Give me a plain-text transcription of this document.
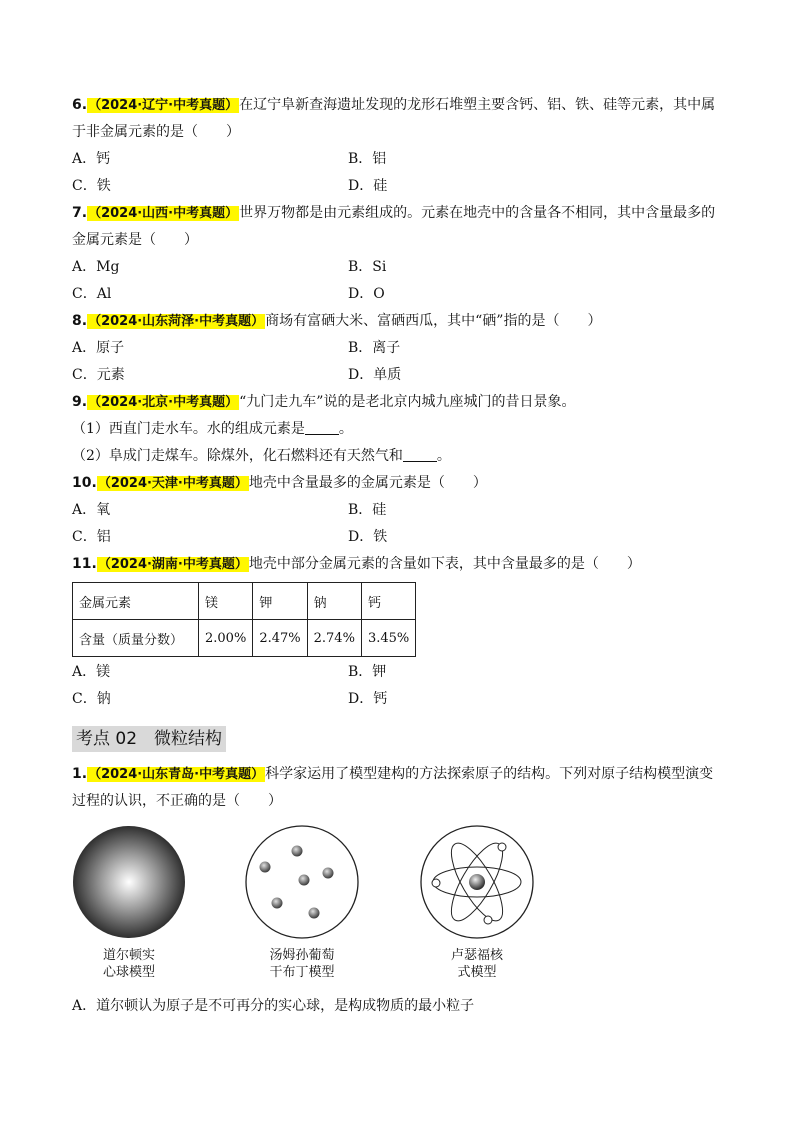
6.（2024·辽宁·中考真题）在辽宁阜新查海遗址发现的龙形石堆塑主要含钙、铝、铁、硅等元素，其中属于非金属元素的是（　　）
A．钙	B．铝
C．铁	D．硅
7.（2024·山西·中考真题）世界万物都是由元素组成的。元素在地壳中的含量各不相同，其中含量最多的金属元素是（　　）
A．Mg	B．Si
C．Al	D．O
8.（2024·山东菏泽·中考真题）商场有富硒大米、富硒西瓜，其中“硒”指的是（　　）
A．原子	B．离子
C．元素	D．单质
9.（2024·北京·中考真题）“九门走九车”说的是老北京内城九座城门的昔日景象。
（1）西直门走水车。水的组成元素是 。
（2）阜成门走煤车。除煤外，化石燃料还有天然气和 。
10.（2024·天津·中考真题）地壳中含量最多的金属元素是（　　）
A．氧	B．硅
C．铝	D．铁
11.（2024·湖南·中考真题）地壳中部分金属元素的含量如下表，其中含量最多的是（　　）
金属元素	镁	钾	钠	钙
含量（质量分数）	2.00%	2.47%	2.74%	3.45%
A．镁	B．钾
C．钠	D．钙
考点 02　微粒结构
1.（2024·山东青岛·中考真题）科学家运用了模型建构的方法探索原子的结构。下列对原子结构模型演变过程的认识，不正确的是（　　）
道尔顿实
心球模型
汤姆孙葡萄
干布丁模型
卢瑟福核
式模型
A．道尔顿认为原子是不可再分的实心球，是构成物质的最小粒子
